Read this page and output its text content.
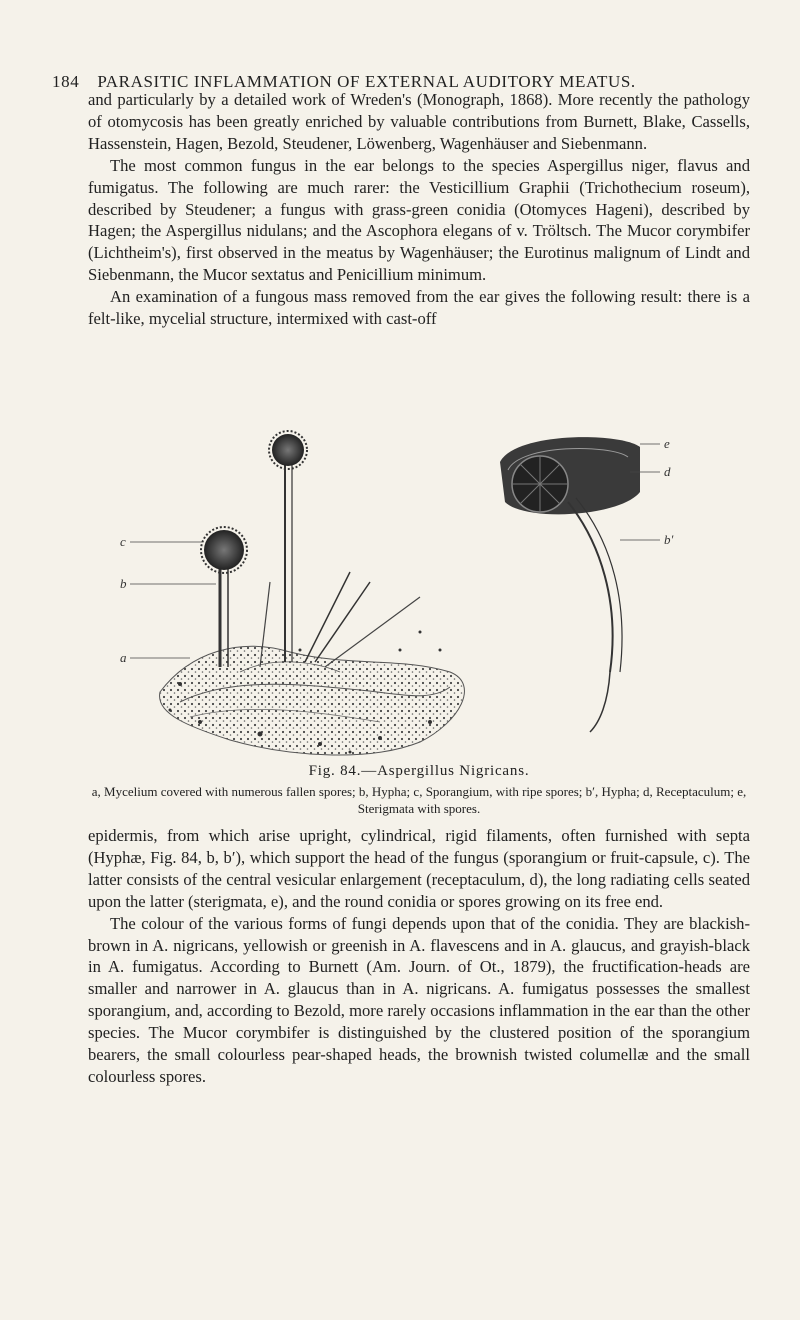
184 PARASITIC INFLAMMATION OF EXTERNAL AUDITORY MEATUS.

and particularly by a detailed work of Wreden's (Monograph, 1868). More recently the pathology of otomycosis has been greatly enriched by valuable contributions from Burnett, Blake, Cassells, Hassenstein, Hagen, Bezold, Steudener, Löwenberg, Wagenhäuser and Siebenmann.

The most common fungus in the ear belongs to the species Aspergillus niger, flavus and fumigatus. The following are much rarer: the Vesticillium Graphii (Trichothecium roseum), described by Steudener; a fungus with grass-green conidia (Otomyces Hageni), described by Hagen; the Aspergillus nidulans; and the Ascophora elegans of v. Tröltsch. The Mucor corymbifer (Lichtheim's), first observed in the meatus by Wagenhäuser; the Eurotinus malignum of Lindt and Siebenmann, the Mucor sextatus and Penicillium minimum.

An examination of a fungous mass removed from the ear gives the following result: there is a felt-like, mycelial structure, intermixed with cast-off

c
b
a
e
d
b′
Fig. 84.—Aspergillus Nigricans.
a, Mycelium covered with numerous fallen spores; b, Hypha; c, Sporangium, with ripe spores; b′, Hypha; d, Receptaculum; e, Sterigmata with spores.

epidermis, from which arise upright, cylindrical, rigid filaments, often furnished with septa (Hyphæ, Fig. 84, b, b′), which support the head of the fungus (sporangium or fruit-capsule, c). The latter consists of the central vesicular enlargement (receptaculum, d), the long radiating cells seated upon the latter (sterigmata, e), and the round conidia or spores growing on its free end.

The colour of the various forms of fungi depends upon that of the conidia. They are blackish-brown in A. nigricans, yellowish or greenish in A. flavescens and in A. glaucus, and grayish-black in A. fumigatus. According to Burnett (Am. Journ. of Ot., 1879), the fructification-heads are smaller and narrower in A. glaucus than in A. nigricans. A. fumigatus possesses the smallest sporangium, and, according to Bezold, more rarely occasions inflammation in the ear than the other species. The Mucor corymbifer is distinguished by the clustered position of the sporangium bearers, the small colourless pear-shaped heads, the brownish twisted columellæ and the small colourless spores.
